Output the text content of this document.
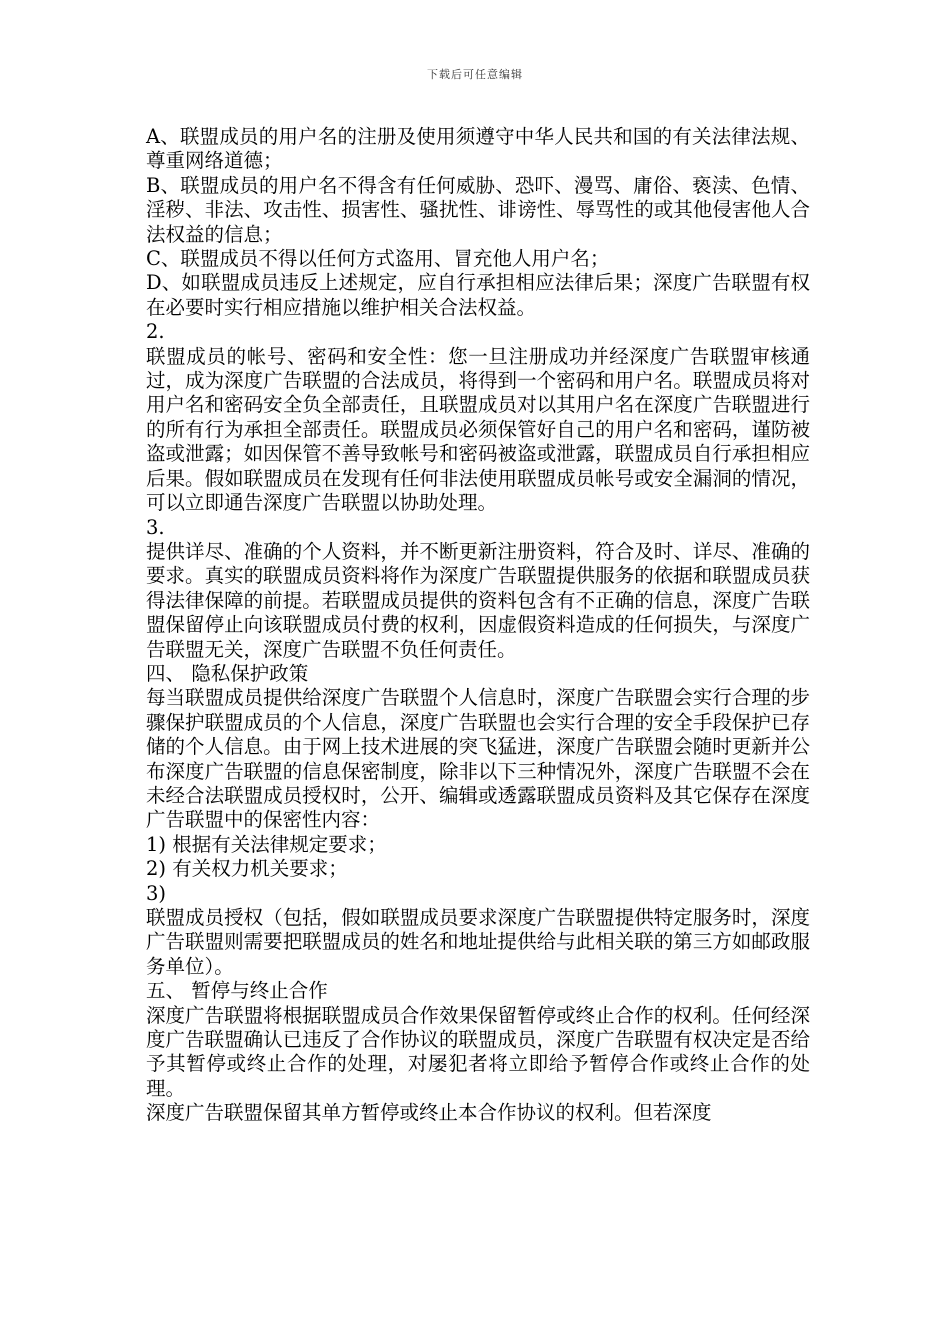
下载后可任意编辑

A、联盟成员的用户名的注册及使用须遵守中华人民共和国的有关法律法规、尊重网络道德；

B、联盟成员的用户名不得含有任何威胁、恐吓、漫骂、庸俗、亵渎、色情、淫秽、非法、攻击性、损害性、骚扰性、诽谤性、辱骂性的或其他侵害他人合法权益的信息；

C、联盟成员不得以任何方式盗用、冒充他人用户名；

D、如联盟成员违反上述规定，应自行承担相应法律后果；深度广告联盟有权在必要时实行相应措施以维护相关合法权益。

2.

联盟成员的帐号、密码和安全性：您一旦注册成功并经深度广告联盟审核通过，成为深度广告联盟的合法成员，将得到一个密码和用户名。联盟成员将对用户名和密码安全负全部责任，且联盟成员对以其用户名在深度广告联盟进行的所有行为承担全部责任。联盟成员必须保管好自己的用户名和密码，谨防被盗或泄露；如因保管不善导致帐号和密码被盗或泄露，联盟成员自行承担相应后果。假如联盟成员在发现有任何非法使用联盟成员帐号或安全漏洞的情况，可以立即通告深度广告联盟以协助处理。

3.

提供详尽、准确的个人资料，并不断更新注册资料，符合及时、详尽、准确的要求。真实的联盟成员资料将作为深度广告联盟提供服务的依据和联盟成员获得法律保障的前提。若联盟成员提供的资料包含有不正确的信息，深度广告联盟保留停止向该联盟成员付费的权利，因虚假资料造成的任何损失，与深度广告联盟无关，深度广告联盟不负任何责任。

四、 隐私保护政策

每当联盟成员提供给深度广告联盟个人信息时，深度广告联盟会实行合理的步骤保护联盟成员的个人信息，深度广告联盟也会实行合理的安全手段保护已存储的个人信息。由于网上技术进展的突飞猛进，深度广告联盟会随时更新并公布深度广告联盟的信息保密制度，除非以下三种情况外，深度广告联盟不会在未经合法联盟成员授权时，公开、编辑或透露联盟成员资料及其它保存在深度广告联盟中的保密性内容：

1) 根据有关法律规定要求；

2) 有关权力机关要求；

3)

联盟成员授权（包括，假如联盟成员要求深度广告联盟提供特定服务时，深度广告联盟则需要把联盟成员的姓名和地址提供给与此相关联的第三方如邮政服务单位）。

五、 暂停与终止合作

深度广告联盟将根据联盟成员合作效果保留暂停或终止合作的权利。任何经深度广告联盟确认已违反了合作协议的联盟成员，深度广告联盟有权决定是否给予其暂停或终止合作的处理，对屡犯者将立即给予暂停合作或终止合作的处理。

深度广告联盟保留其单方暂停或终止本合作协议的权利。但若深度
